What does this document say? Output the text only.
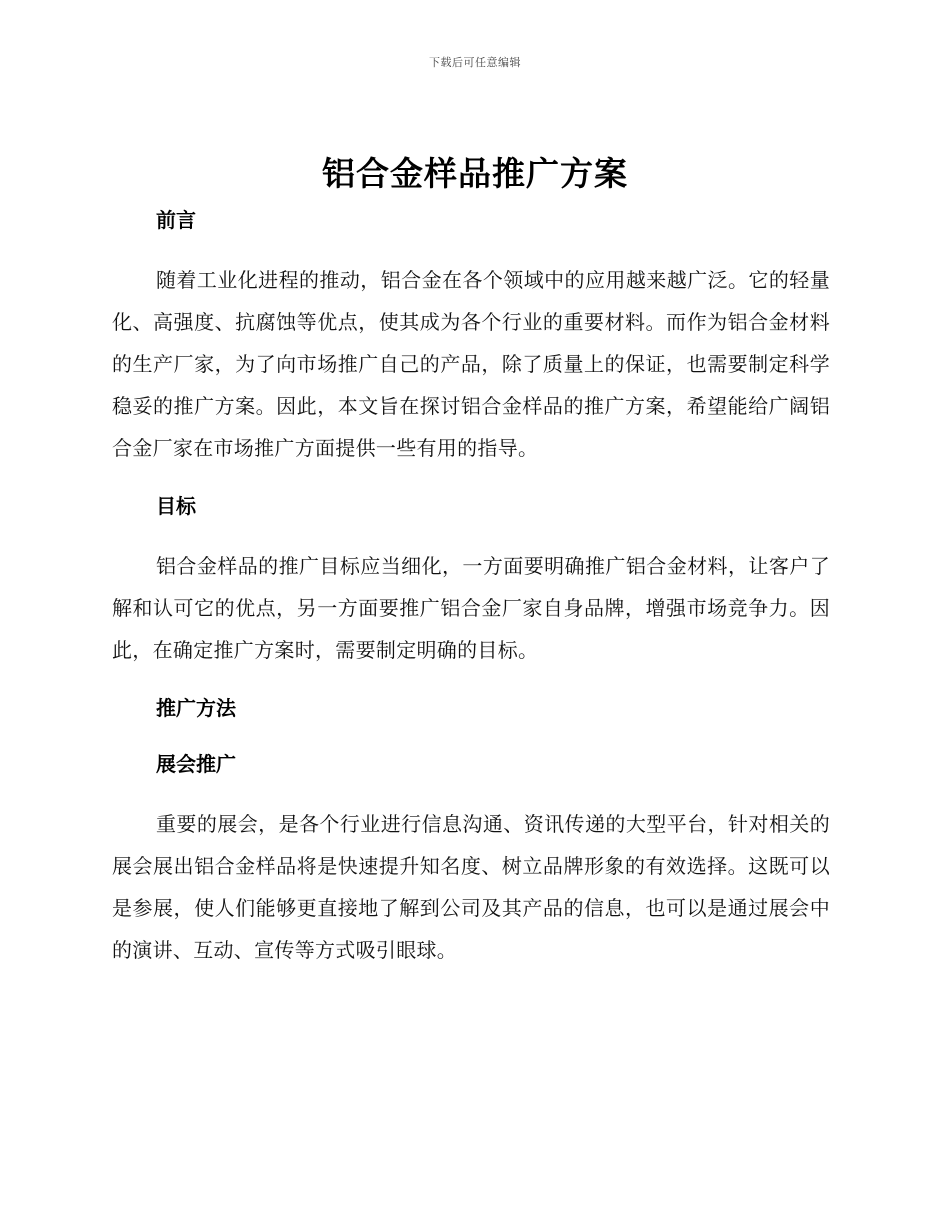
下载后可任意编辑
铝合金样品推广方案
前言

随着工业化进程的推动，铝合金在各个领域中的应用越来越广泛。它的轻量化、高强度、抗腐蚀等优点，使其成为各个行业的重要材料。而作为铝合金材料的生产厂家，为了向市场推广自己的产品，除了质量上的保证，也需要制定科学稳妥的推广方案。因此，本文旨在探讨铝合金样品的推广方案，希望能给广阔铝合金厂家在市场推广方面提供一些有用的指导。

目标

铝合金样品的推广目标应当细化，一方面要明确推广铝合金材料，让客户了解和认可它的优点，另一方面要推广铝合金厂家自身品牌，增强市场竞争力。因此，在确定推广方案时，需要制定明确的目标。

推广方法
展会推广

重要的展会，是各个行业进行信息沟通、资讯传递的大型平台，针对相关的展会展出铝合金样品将是快速提升知名度、树立品牌形象的有效选择。这既可以是参展，使人们能够更直接地了解到公司及其产品的信息，也可以是通过展会中的演讲、互动、宣传等方式吸引眼球。
